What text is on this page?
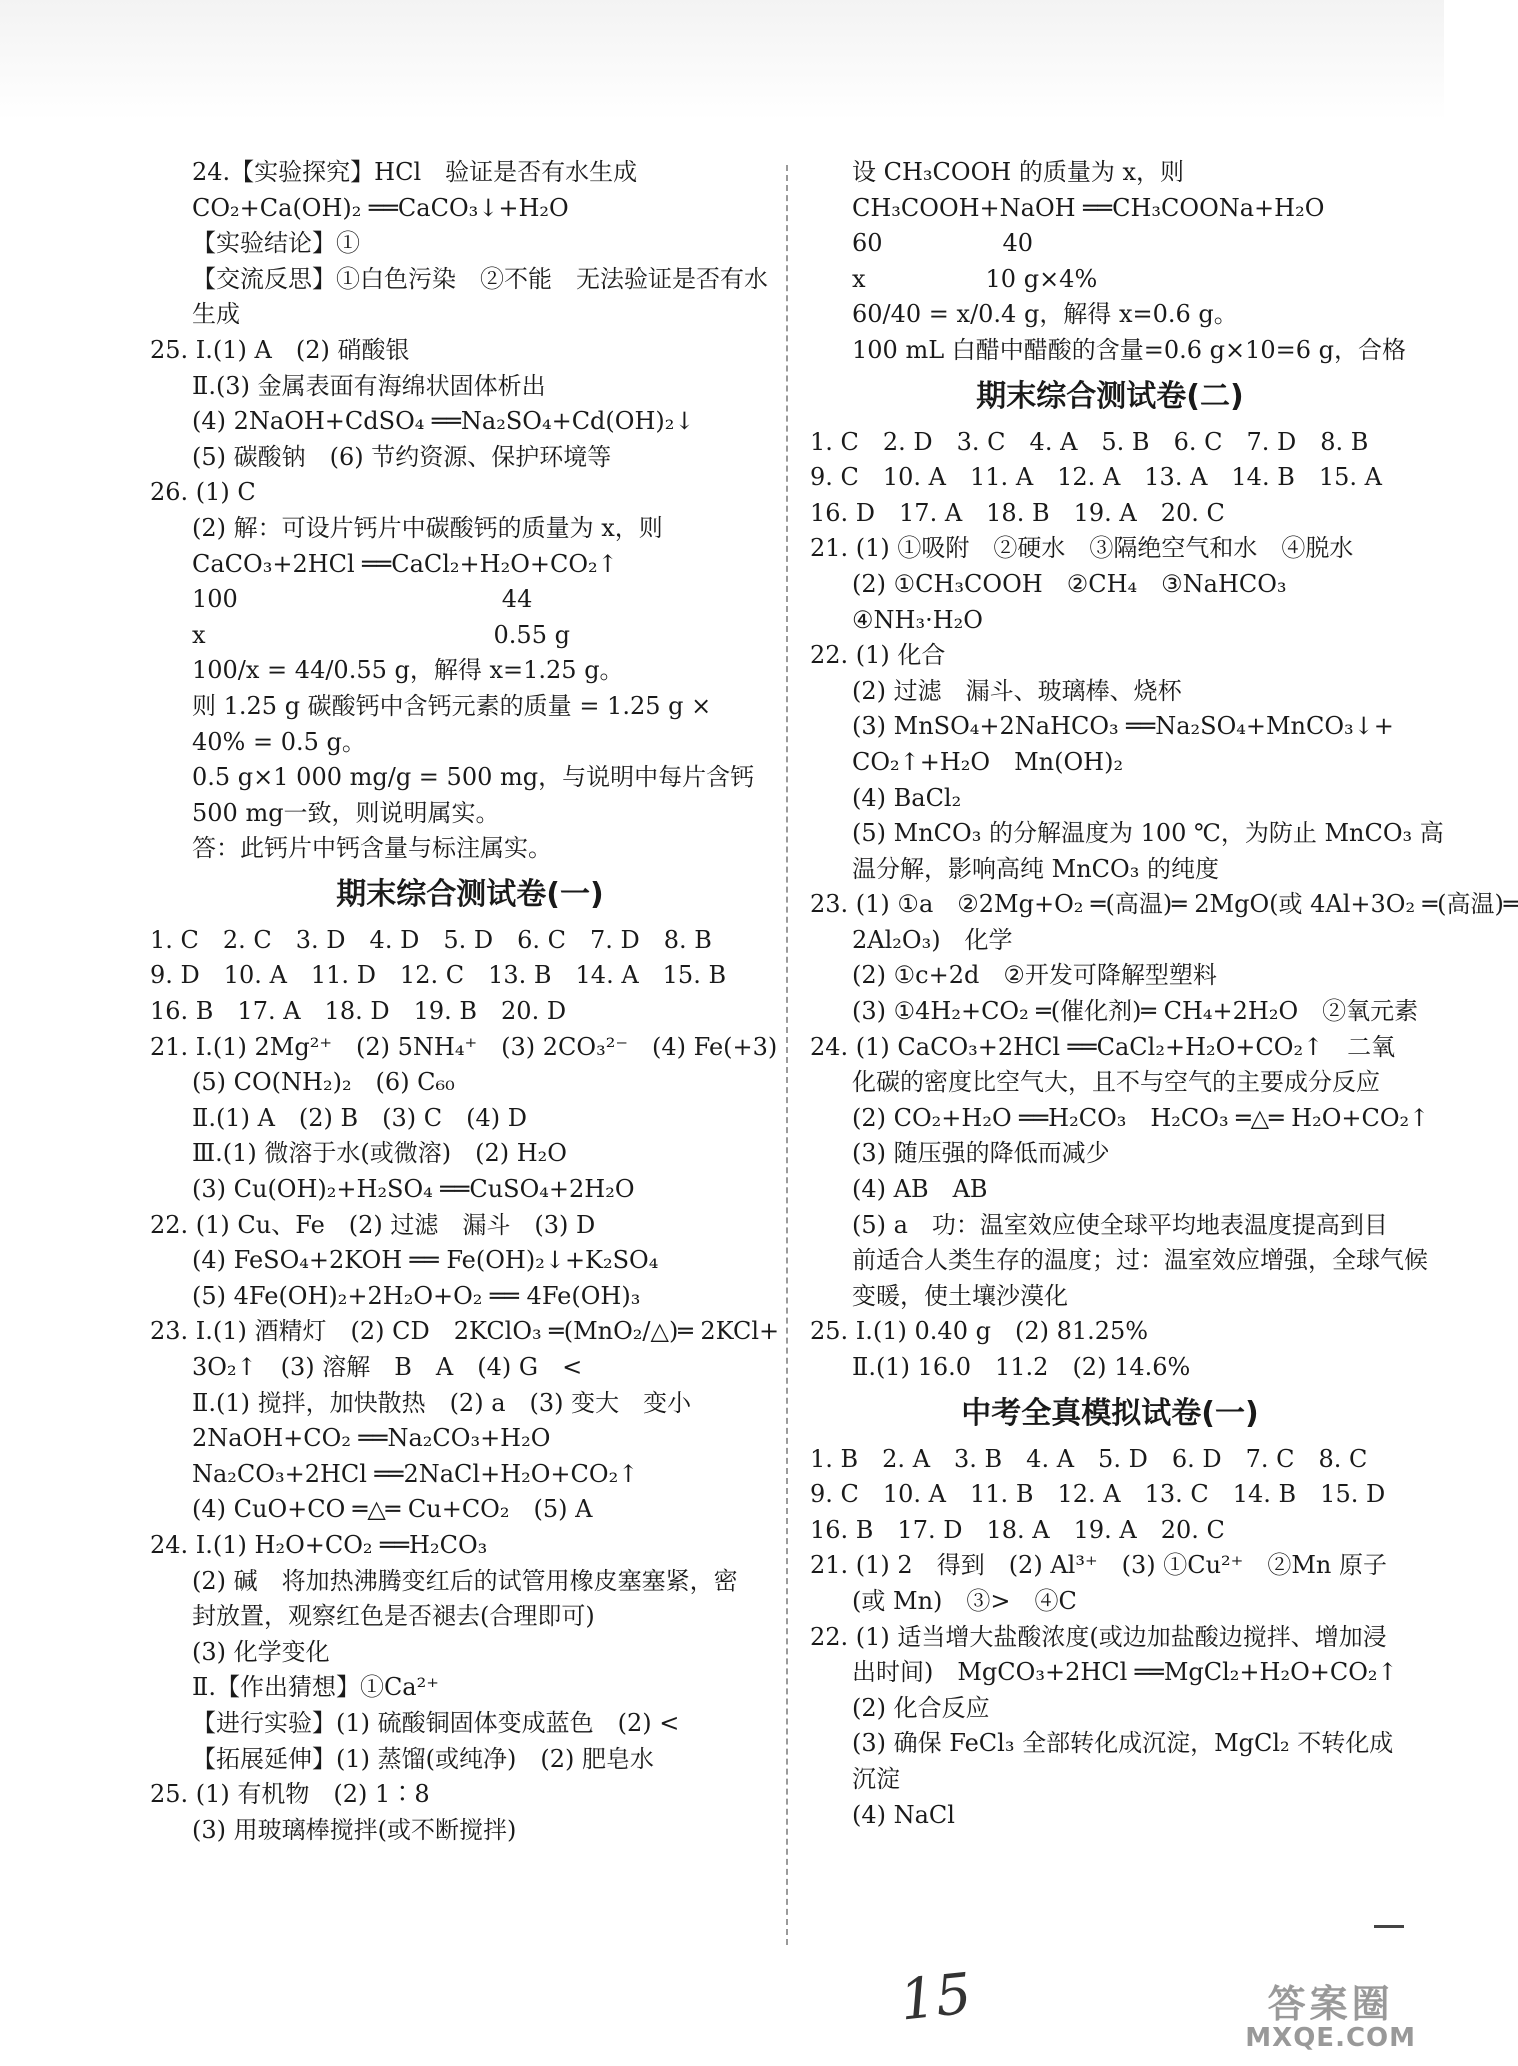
24.【实验探究】HCl　验证是否有水生成
CO₂+Ca(OH)₂ ══CaCO₃↓+H₂O
【实验结论】①
【交流反思】①白色污染　②不能　无法验证是否有水
生成
25. Ⅰ.(1) A　(2) 硝酸银
Ⅱ.(3) 金属表面有海绵状固体析出
(4) 2NaOH+CdSO₄ ══Na₂SO₄+Cd(OH)₂↓
(5) 碳酸钠　(6) 节约资源、保护环境等
26. (1) C
(2) 解：可设片钙片中碳酸钙的质量为 x，则
CaCO₃+2HCl ══CaCl₂+H₂O+CO₂↑
100　　　　　　　　　　　44
x　　　　　　　　　　　　0.55 g
100/x = 44/0.55 g，解得 x=1.25 g。
则 1.25 g 碳酸钙中含钙元素的质量 = 1.25 g ×
40% = 0.5 g。
0.5 g×1 000 mg/g = 500 mg，与说明中每片含钙
500 mg一致，则说明属实。
答：此钙片中钙含量与标注属实。
期末综合测试卷(一)
1. C　2. C　3. D　4. D　5. D　6. C　7. D　8. B
9. D　10. A　11. D　12. C　13. B　14. A　15. B
16. B　17. A　18. D　19. B　20. D
21. Ⅰ.(1) 2Mg²⁺　(2) 5NH₄⁺　(3) 2CO₃²⁻　(4) Fe(+3)
(5) CO(NH₂)₂　(6) C₆₀
Ⅱ.(1) A　(2) B　(3) C　(4) D
Ⅲ.(1) 微溶于水(或微溶)　(2) H₂O
(3) Cu(OH)₂+H₂SO₄ ══CuSO₄+2H₂O
22. (1) Cu、Fe　(2) 过滤　漏斗　(3) D
(4) FeSO₄+2KOH ══ Fe(OH)₂↓+K₂SO₄
(5) 4Fe(OH)₂+2H₂O+O₂ ══ 4Fe(OH)₃
23. Ⅰ.(1) 酒精灯　(2) CD　2KClO₃ ═(MnO₂/△)═ 2KCl+
3O₂↑　(3) 溶解　B　A　(4) G　<
Ⅱ.(1) 搅拌，加快散热　(2) a　(3) 变大　变小
2NaOH+CO₂ ══Na₂CO₃+H₂O
Na₂CO₃+2HCl ══2NaCl+H₂O+CO₂↑
(4) CuO+CO ═△═ Cu+CO₂　(5) A
24. Ⅰ.(1) H₂O+CO₂ ══H₂CO₃
(2) 碱　将加热沸腾变红后的试管用橡皮塞塞紧，密
封放置，观察红色是否褪去(合理即可)
(3) 化学变化
Ⅱ.【作出猜想】①Ca²⁺
【进行实验】(1) 硫酸铜固体变成蓝色　(2) <
【拓展延伸】(1) 蒸馏(或纯净)　(2) 肥皂水
25. (1) 有机物　(2) 1∶8
(3) 用玻璃棒搅拌(或不断搅拌)
设 CH₃COOH 的质量为 x，则
CH₃COOH+NaOH ══CH₃COONa+H₂O
60　　　　　40
x　　　　　10 g×4%
60/40 = x/0.4 g，解得 x=0.6 g。
100 mL 白醋中醋酸的含量=0.6 g×10=6 g，合格
期末综合测试卷(二)
1. C　2. D　3. C　4. A　5. B　6. C　7. D　8. B
9. C　10. A　11. A　12. A　13. A　14. B　15. A
16. D　17. A　18. B　19. A　20. C
21. (1) ①吸附　②硬水　③隔绝空气和水　④脱水
(2) ①CH₃COOH　②CH₄　③NaHCO₃
④NH₃·H₂O
22. (1) 化合
(2) 过滤　漏斗、玻璃棒、烧杯
(3) MnSO₄+2NaHCO₃ ══Na₂SO₄+MnCO₃↓+
CO₂↑+H₂O　Mn(OH)₂
(4) BaCl₂
(5) MnCO₃ 的分解温度为 100 ℃，为防止 MnCO₃ 高
温分解，影响高纯 MnCO₃ 的纯度
23. (1) ①a　②2Mg+O₂ ═(高温)═ 2MgO(或 4Al+3O₂ ═(高温)═
2Al₂O₃)　化学
(2) ①c+2d　②开发可降解型塑料
(3) ①4H₂+CO₂ ═(催化剂)═ CH₄+2H₂O　②氧元素
24. (1) CaCO₃+2HCl ══CaCl₂+H₂O+CO₂↑　二氧
化碳的密度比空气大，且不与空气的主要成分反应
(2) CO₂+H₂O ══H₂CO₃　H₂CO₃ ═△═ H₂O+CO₂↑
(3) 随压强的降低而减少
(4) AB　AB
(5) a　功：温室效应使全球平均地表温度提高到目
前适合人类生存的温度；过：温室效应增强，全球气候
变暖，使土壤沙漠化
25. Ⅰ.(1) 0.40 g　(2) 81.25%
Ⅱ.(1) 16.0　11.2　(2) 14.6%
中考全真模拟试卷(一)
1. B　2. A　3. B　4. A　5. D　6. D　7. C　8. C
9. C　10. A　11. B　12. A　13. C　14. B　15. D
16. B　17. D　18. A　19. A　20. C
21. (1) 2　得到　(2) Al³⁺　(3) ①Cu²⁺　②Mn 原子
(或 Mn)　③>　④C
22. (1) 适当增大盐酸浓度(或边加盐酸边搅拌、增加浸
出时间)　MgCO₃+2HCl ══MgCl₂+H₂O+CO₂↑
(2) 化合反应
(3) 确保 FeCl₃ 全部转化成沉淀，MgCl₂ 不转化成
沉淀
(4) NaCl
15	答案圈
MXQE.COM
